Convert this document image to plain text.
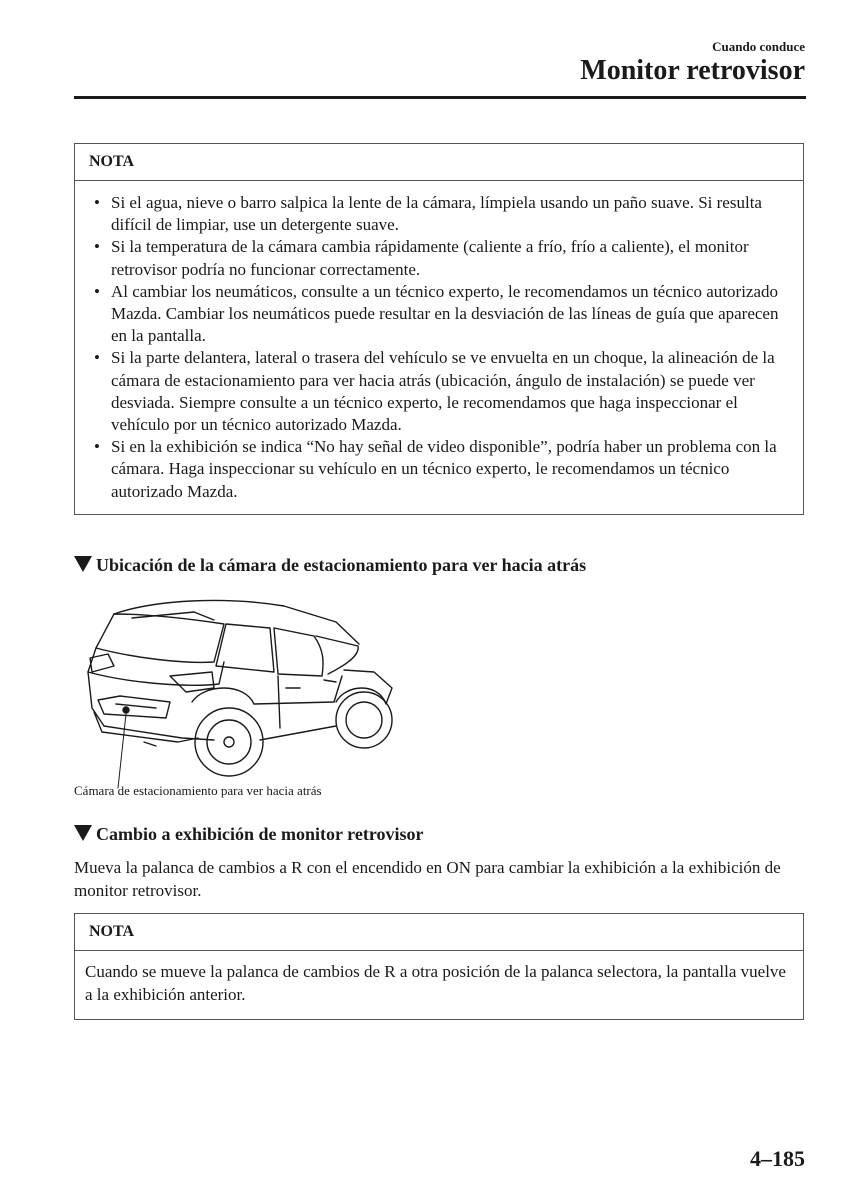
Cuando conduce
Monitor retrovisor
NOTA
• Si el agua, nieve o barro salpica la lente de la cámara, límpiela usando un paño suave. Si resulta difícil de limpiar, use un detergente suave.
• Si la temperatura de la cámara cambia rápidamente (caliente a frío, frío a caliente), el monitor retrovisor podría no funcionar correctamente.
• Al cambiar los neumáticos, consulte a un técnico experto, le recomendamos un técnico autorizado Mazda. Cambiar los neumáticos puede resultar en la desviación de las líneas de guía que aparecen en la pantalla.
• Si la parte delantera, lateral o trasera del vehículo se ve envuelta en un choque, la alineación de la cámara de estacionamiento para ver hacia atrás (ubicación, ángulo de instalación) se puede ver desviada. Siempre consulte a un técnico experto, le recomendamos que haga inspeccionar el vehículo por un técnico autorizado Mazda.
• Si en la exhibición se indica “No hay señal de video disponible”, podría haber un problema con la cámara. Haga inspeccionar su vehículo en un técnico experto, le recomendamos un técnico autorizado Mazda.
Ubicación de la cámara de estacionamiento para ver hacia atrás
Cámara de estacionamiento para ver hacia atrás
Cambio a exhibición de monitor retrovisor
Mueva la palanca de cambios a R con el encendido en ON para cambiar la exhibición a la exhibición de monitor retrovisor.
NOTA
Cuando se mueve la palanca de cambios de R a otra posición de la palanca selectora, la pantalla vuelve a la exhibición anterior.
4–185
